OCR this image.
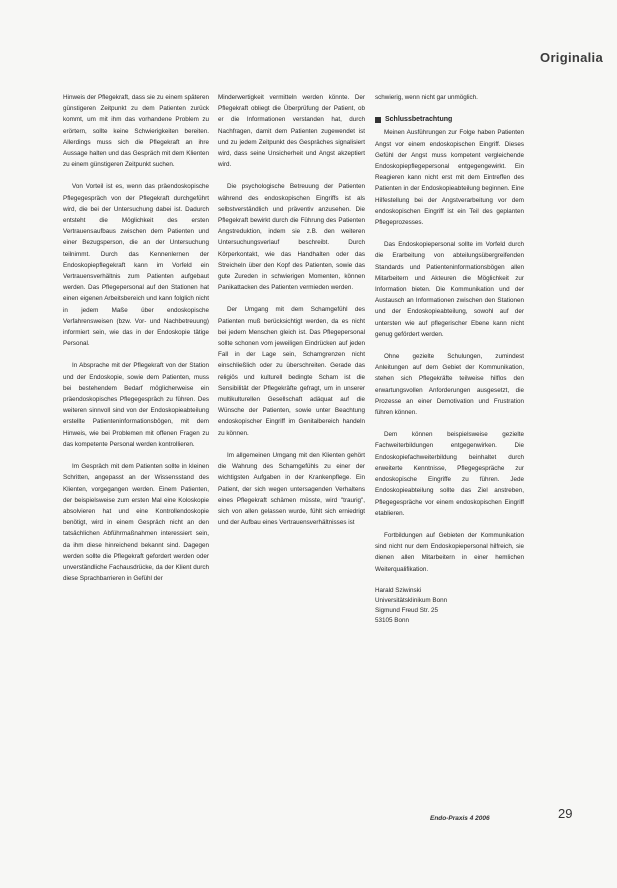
Originalia

Hinweis der Pflegekraft, dass sie zu einem späteren günstigeren Zeitpunkt zu dem Patienten zurück kommt, um mit ihm das vorhandene Problem zu erörtern, sollte keine Schwierigkeiten bereiten. Allerdings muss sich die Pflegekraft an ihre Aussage halten und das Gespräch mit dem Klienten zu einem günstigeren Zeitpunkt suchen.

Von Vorteil ist es, wenn das präendoskopische Pflegegespräch von der Pflegekraft durchgeführt wird, die bei der Untersuchung dabei ist. Dadurch entsteht die Möglichkeit des ersten Vertrauensaufbaus zwischen dem Patienten und einer Bezugsperson, die an der Untersuchung teilnimmt. Durch das Kennenlernen der Endoskopiepflegekraft kann im Vorfeld ein Vertrauensverhältnis zum Patienten aufgebaut werden. Das Pflegepersonal auf den Stationen hat einen eigenen Arbeitsbereich und kann folglich nicht in jedem Maße über endoskopische Verfahrensweisen (bzw. Vor- und Nachbetreuung) informiert sein, wie das in der Endoskopie tätige Personal.

In Absprache mit der Pflegekraft von der Station und der Endoskopie, sowie dem Patienten, muss bei bestehendem Bedarf möglicherweise ein präendoskopisches Pflegegespräch zu führen. Des weiteren sinnvoll sind von der Endoskopieabteilung erstellte Patienteninformationsbögen, mit dem Hinweis, wie bei Problemen mit offenen Fragen zu das kompetente Personal werden kontrollieren.

Im Gespräch mit dem Patienten sollte in kleinen Schritten, angepasst an der Wissensstand des Klienten, vorgegangen werden. Einem Patienten, der beispielsweise zum ersten Mal eine Koloskopie absolvieren hat und eine Kontrollendoskopie benötigt, wird in einem Gespräch nicht an den tatsächlichen Abführmaßnahmen interessiert sein, da ihm diese hinreichend bekannt sind. Dagegen werden sollte die Pflegekraft gefordert werden oder unverständliche Fachausdrücke, da der Klient durch diese Sprachbarrieren in Gefühl der

Minderwertigkeit vermitteln werden könnte. Der Pflegekraft obliegt die Überprüfung der Patient, ob er die Informationen verstanden hat, durch Nachfragen, damit dem Patienten zugewendet ist und zu jedem Zeitpunkt des Gespräches signalisiert wird, dass seine Unsicherheit und Angst akzeptiert wird.

Die psychologische Betreuung der Patienten während des endoskopischen Eingriffs ist als selbstverständlich und präventiv anzusehen. Die Pflegekraft bewirkt durch die Führung des Patienten Angstreduktion, indem sie z.B. den weiteren Untersuchungsverlauf beschreibt. Durch Körperkontakt, wie das Handhalten oder das Streicheln über den Kopf des Patienten, sowie das gute Zureden in schwierigen Momenten, können Panikattacken des Patienten vermieden werden.

Der Umgang mit dem Schamgefühl des Patienten muß berücksichtigt werden, da es nicht bei jedem Menschen gleich ist. Das Pflegepersonal sollte schonen vom jeweiligen Eindrücken auf jeden Fall in der Lage sein, Schamgrenzen nicht einschließlich oder zu überschreiten. Gerade das religiös und kulturell bedingte Scham ist die Sensibilität der Pflegekräfte gefragt, um in unserer multikulturellen Gesellschaft adäquat auf die Wünsche der Patienten, sowie unter Beachtung endoskopischer Eingriff im Genitalbereich handeln zu können.

Im allgemeinen Umgang mit den Klienten gehört die Wahrung des Schamgefühls zu einer der wichtigsten Aufgaben in der Krankenpflege. Ein Patient, der sich wegen untersagenden Verhaltens eines Pflegekraft schämen müsste, wird "traurig", sich von allen gelassen wurde, fühlt sich erniedrigt und der Aufbau eines Vertrauensverhältnisses ist

schwierig, wenn nicht gar unmöglich.

Schlussbetrachtung

Meinen Ausführungen zur Folge haben Patienten Angst vor einem endoskopischen Eingriff. Dieses Gefühl der Angst muss kompetent vergleichende Endoskopiepflegepersonal entgegengewirkt. Ein Reagieren kann nicht erst mit dem Eintreffen des Patienten in der Endoskopieabteilung beginnen. Eine Hilfestellung bei der Angstverarbeitung vor dem endoskopischen Eingriff ist ein Teil des geplanten Pflegeprozesses.

Das Endoskopiepersonal sollte im Vorfeld durch die Erarbeitung von abteilungsübergreifenden Standards und Patienteninformationsbögen allen Mitarbeitern und Akteuren die Möglichkeit zur Information bieten. Die Kommunikation und der Austausch an Informationen zwischen den Stationen und der Endoskopieabteilung, sowohl auf der untersten wie auf pflegerischer Ebene kann nicht genug gefördert werden.

Ohne gezielte Schulungen, zumindest Anleitungen auf dem Gebiet der Kommunikation, stehen sich Pflegekräfte teilweise hilflos den erwartungsvollen Anforderungen ausgesetzt, die Prozesse an einer Demotivation und Frustration führen können.

Dem können beispielsweise gezielte Fachweiterbildungen entgegenwirken. Die Endoskopiefachweiterbildung beinhaltet durch erweiterte Kenntnisse, Pflegegespräche zur endoskopische Eingriffe zu führen. Jede Endoskopieabteilung sollte das Ziel anstreben, Pflegegespräche vor einem endoskopischen Eingriff etablieren.

Fortbildungen auf Gebieten der Kommunikation sind nicht nur dem Endoskopiepersonal hilfreich, sie dienen allen Mitarbeitern in einer hemlichen Weiterqualifikation.

Harald Sziwinski
Universitätsklinikum Bonn
Sigmund Freud Str. 25
53105 Bonn
Endo-Praxis 4 2006	29
